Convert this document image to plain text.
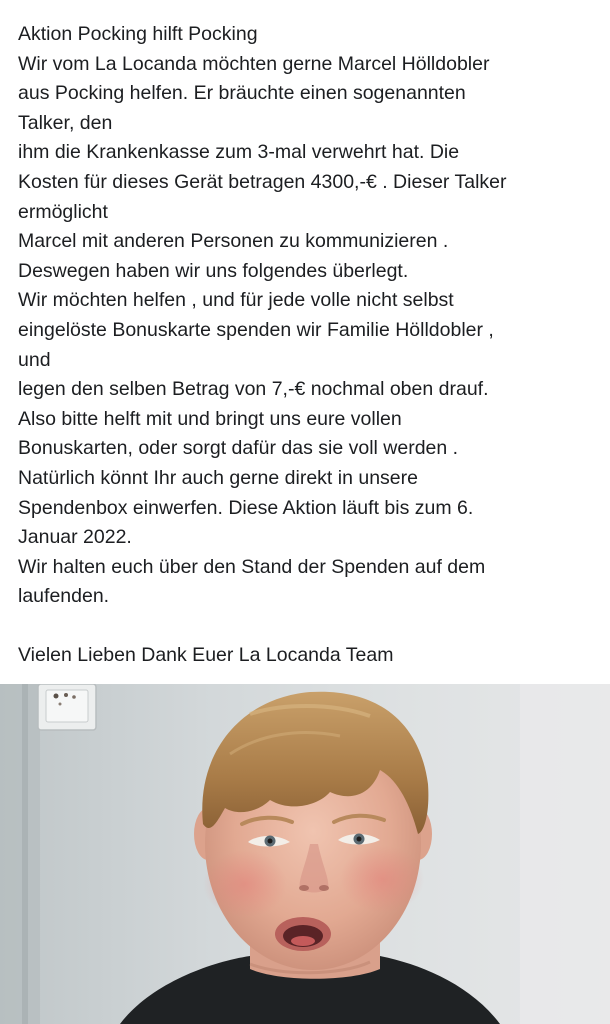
Aktion Pocking hilft Pocking
Wir vom La Locanda möchten gerne Marcel Hölldobler
aus Pocking helfen. Er bräuchte einen sogenannten
Talker, den
ihm die Krankenkasse zum 3-mal verwehrt hat. Die
Kosten für dieses Gerät betragen 4300,-€ . Dieser Talker
ermöglicht
Marcel mit anderen Personen zu kommunizieren .
Deswegen haben wir uns folgendes überlegt.
Wir möchten helfen , und für jede volle nicht selbst
eingelöste Bonuskarte spenden wir Familie Hölldobler ,
und
legen den selben Betrag von 7,-€ nochmal oben drauf.
Also bitte helft mit und bringt uns eure vollen
Bonuskarten, oder sorgt dafür das sie voll werden .
Natürlich könnt Ihr auch gerne direkt in unsere
Spendenbox einwerfen. Diese Aktion läuft bis zum 6.
Januar 2022.
Wir halten euch über den Stand der Spenden auf dem
laufenden.
Vielen Lieben Dank Euer La Locanda Team
